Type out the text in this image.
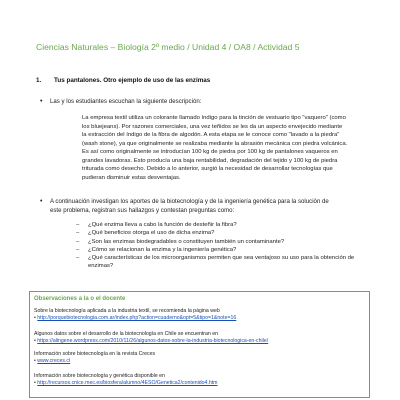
Ciencias Naturales – Biología 2º medio / Unidad 4 / OA8 / Actividad 5
1. Tus pantalones. Otro ejemplo de uso de las enzimas
• Las y los estudiantes escuchan la siguiente descripción:
La empresa textil utiliza un colorante llamado índigo para la tinción de vestuario tipo "vaquero" (como los bluejeans). Por razones comerciales, una vez teñidos se les da un aspecto envejecido mediante la extracción del índigo de la fibra de algodón. A esta etapa se le conoce como "lavado a la piedra" (wash stone), ya que originalmente se realizaba mediante la abrasión mecánica con piedra volcánica. Es así como originalmente se introducían 100 kg de piedra por 100 kg de pantalones vaqueros en grandes lavadoras. Esto producía una baja rentabilidad, degradación del tejido y 100 kg de piedra triturada como desecho. Debido a lo anterior, surgió la necesidad de desarrollar tecnologías que pudieran disminuir estas desventajas.
• A continuación investigan los aportes de la biotecnología y de la ingeniería genética para la solución de este problema, registran sus hallazgos y contestan preguntas como:
– ¿Qué enzima lleva a cabo la función de desteñir la fibra?
– ¿Qué beneficios otorga el uso de dicha enzima?
– ¿Son las enzimas biodegradables o constituyen también un contaminante?
– ¿Cómo se relacionan la enzima y la ingeniería genética?
– ¿Qué características de los microorganismos permiten que sea ventajoso su uso para la obtención de enzimas?
Observaciones a la o el docente
Sobre la biotecnología aplicada a la industria textil, se recomienda la página web
• http://porquebiotecnologia.com.ar/index.php?action=cuaderno&opt=5&tipo=1&note=16
Algunos datos sobre el desarrollo de la biotecnología en Chile se encuentran en
• https://alingene.wordpress.com/2010/11/26/algunos-datos-sobre-la-industria-biotecnologica-en-chile/
Información sobre biotecnología en la revista Creces
• www.creces.cl
Información sobre biotecnología y genética disponible en
• http://recursos.cnice.mec.es/biosfera/alumno/4ESO/Genetica2/contenido4.htm
